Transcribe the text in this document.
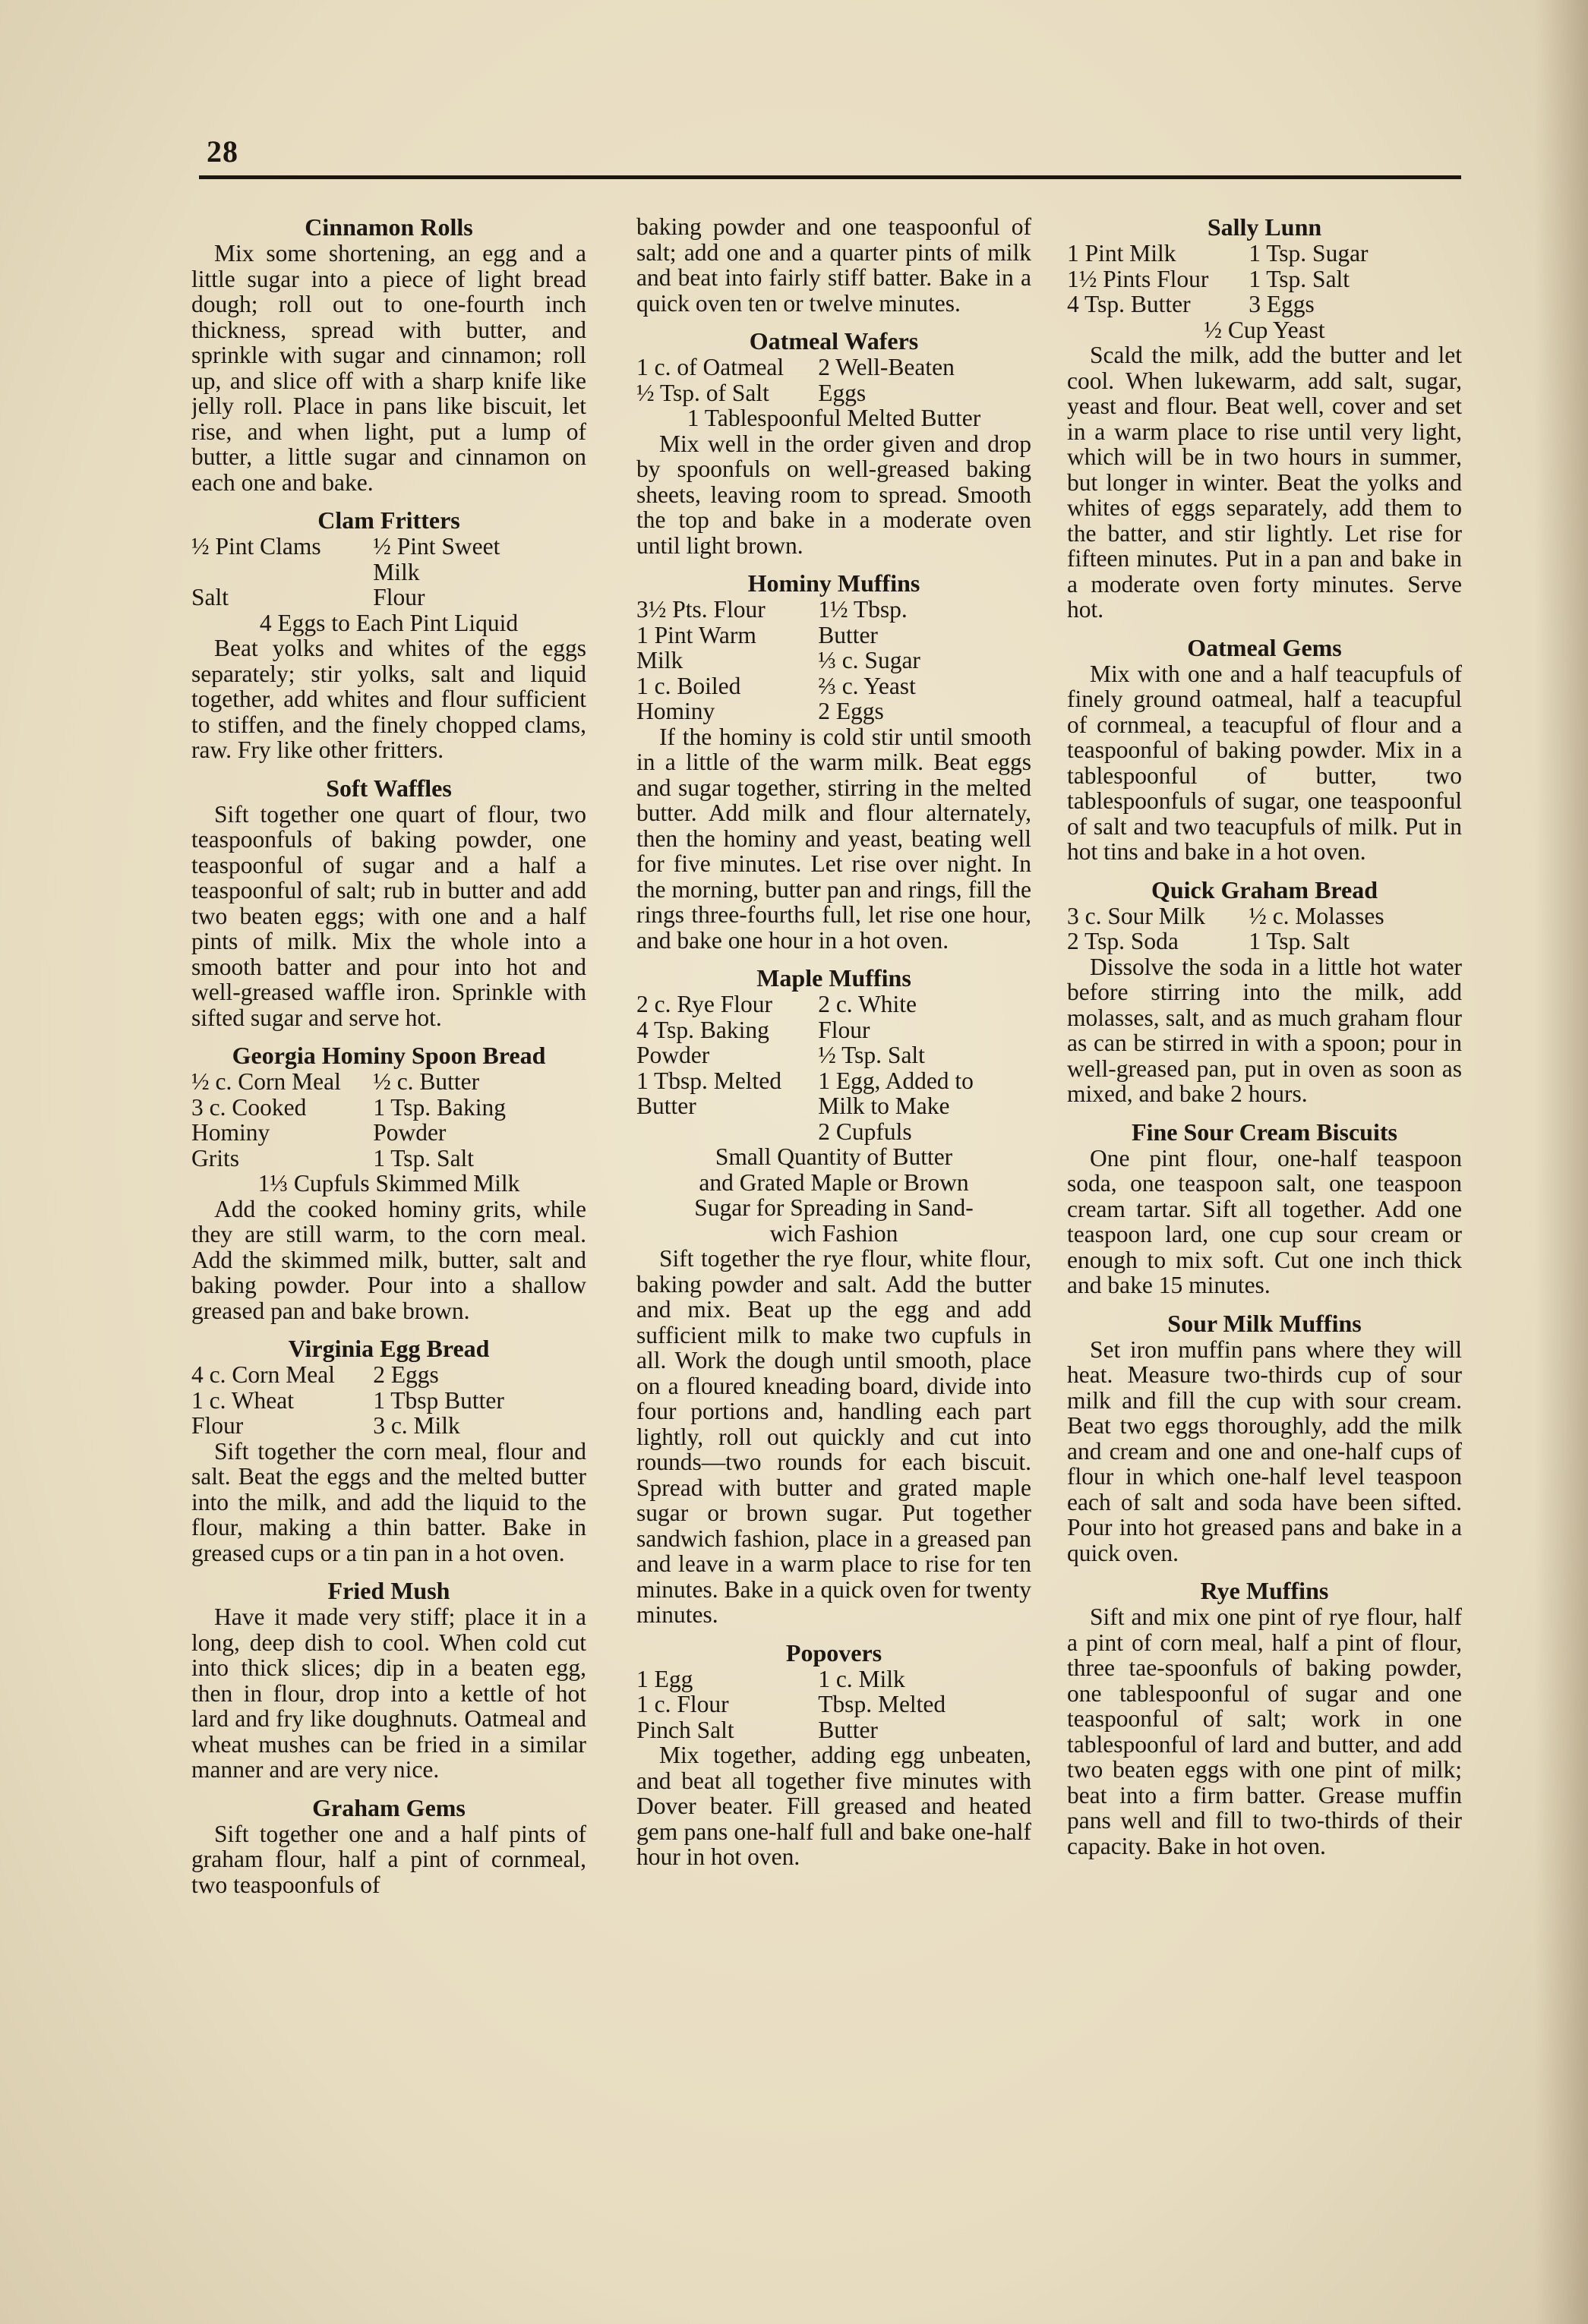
28
Cinnamon Rolls

Mix some shortening, an egg and a little sugar into a piece of light bread dough; roll out to one-fourth inch thickness, spread with butter, and sprinkle with sugar and cinnamon; roll up, and slice off with a sharp knife like jelly roll. Place in pans like biscuit, let rise, and when light, put a lump of butter, a little sugar and cinnamon on each one and bake.

Clam Fritters
½ Pint Clams	½ Pint Sweet
Milk
Salt	Flour
4 Eggs to Each Pint Liquid

Beat yolks and whites of the eggs separately; stir yolks, salt and liquid together, add whites and flour sufficient to stiffen, and the finely chopped clams, raw. Fry like other fritters.

Soft Waffles

Sift together one quart of flour, two teaspoonfuls of baking powder, one teaspoonful of sugar and a half a teaspoonful of salt; rub in butter and add two beaten eggs; with one and a half pints of milk. Mix the whole into a smooth batter and pour into hot and well-greased waffle iron. Sprinkle with sifted sugar and serve hot.

Georgia Hominy Spoon Bread
½ c. Corn Meal	½ c. Butter
3 c. Cooked	1 Tsp. Baking
Hominy	Powder
Grits	1 Tsp. Salt
1⅓ Cupfuls Skimmed Milk

Add the cooked hominy grits, while they are still warm, to the corn meal. Add the skimmed milk, butter, salt and baking powder. Pour into a shallow greased pan and bake brown.

Virginia Egg Bread
4 c. Corn Meal	2 Eggs
1 c. Wheat	1 Tbsp Butter
Flour	3 c. Milk

Sift together the corn meal, flour and salt. Beat the eggs and the melted butter into the milk, and add the liquid to the flour, making a thin batter. Bake in greased cups or a tin pan in a hot oven.

Fried Mush

Have it made very stiff; place it in a long, deep dish to cool. When cold cut into thick slices; dip in a beaten egg, then in flour, drop into a kettle of hot lard and fry like doughnuts. Oatmeal and wheat mushes can be fried in a similar manner and are very nice.

Graham Gems

Sift together one and a half pints of graham flour, half a pint of cornmeal, two teaspoonfuls of

baking powder and one teaspoonful of salt; add one and a quarter pints of milk and beat into fairly stiff batter. Bake in a quick oven ten or twelve minutes.

Oatmeal Wafers
1 c. of Oatmeal	2 Well-Beaten
½ Tsp. of Salt	Eggs
1 Tablespoonful Melted Butter

Mix well in the order given and drop by spoonfuls on well-greased baking sheets, leaving room to spread. Smooth the top and bake in a moderate oven until light brown.

Hominy Muffins
3½ Pts. Flour	1½ Tbsp.
1 Pint Warm	Butter
Milk	⅓ c. Sugar
1 c. Boiled	⅔ c. Yeast
Hominy	2 Eggs

If the hominy is cold stir until smooth in a little of the warm milk. Beat eggs and sugar together, stirring in the melted butter. Add milk and flour alternately, then the hominy and yeast, beating well for five minutes. Let rise over night. In the morning, butter pan and rings, fill the rings three-fourths full, let rise one hour, and bake one hour in a hot oven.

Maple Muffins
2 c. Rye Flour	2 c. White
4 Tsp. Baking	Flour
Powder	½ Tsp. Salt
1 Tbsp. Melted	1 Egg, Added to
Butter	Milk to Make
2 Cupfuls
Small Quantity of Butter
and Grated Maple or Brown
Sugar for Spreading in Sand-
wich Fashion

Sift together the rye flour, white flour, baking powder and salt. Add the butter and mix. Beat up the egg and add sufficient milk to make two cupfuls in all. Work the dough until smooth, place on a floured kneading board, divide into four portions and, handling each part lightly, roll out quickly and cut into rounds—two rounds for each biscuit. Spread with butter and grated maple sugar or brown sugar. Put together sandwich fashion, place in a greased pan and leave in a warm place to rise for ten minutes. Bake in a quick oven for twenty minutes.

Popovers
1 Egg	1 c. Milk
1 c. Flour	Tbsp. Melted
Pinch Salt	Butter

Mix together, adding egg unbeaten, and beat all together five minutes with Dover beater. Fill greased and heated gem pans one-half full and bake one-half hour in hot oven.

Sally Lunn
1 Pint Milk	1 Tsp. Sugar
1½ Pints Flour	1 Tsp. Salt
4 Tsp. Butter	3 Eggs
½ Cup Yeast

Scald the milk, add the butter and let cool. When lukewarm, add salt, sugar, yeast and flour. Beat well, cover and set in a warm place to rise until very light, which will be in two hours in summer, but longer in winter. Beat the yolks and whites of eggs separately, add them to the batter, and stir lightly. Let rise for fifteen minutes. Put in a pan and bake in a moderate oven forty minutes. Serve hot.

Oatmeal Gems

Mix with one and a half teacupfuls of finely ground oatmeal, half a teacupful of cornmeal, a teacupful of flour and a teaspoonful of baking powder. Mix in a tablespoonful of butter, two tablespoonfuls of sugar, one teaspoonful of salt and two teacupfuls of milk. Put in hot tins and bake in a hot oven.

Quick Graham Bread
3 c. Sour Milk	½ c. Molasses
2 Tsp. Soda	1 Tsp. Salt

Dissolve the soda in a little hot water before stirring into the milk, add molasses, salt, and as much graham flour as can be stirred in with a spoon; pour in well-greased pan, put in oven as soon as mixed, and bake 2 hours.

Fine Sour Cream Biscuits

One pint flour, one-half teaspoon soda, one teaspoon salt, one teaspoon cream tartar. Sift all together. Add one teaspoon lard, one cup sour cream or enough to mix soft. Cut one inch thick and bake 15 minutes.

Sour Milk Muffins

Set iron muffin pans where they will heat. Measure two-thirds cup of sour milk and fill the cup with sour cream. Beat two eggs thoroughly, add the milk and cream and one and one-half cups of flour in which one-half level teaspoon each of salt and soda have been sifted. Pour into hot greased pans and bake in a quick oven.

Rye Muffins

Sift and mix one pint of rye flour, half a pint of corn meal, half a pint of flour, three tae-spoonfuls of baking powder, one tablespoonful of sugar and one teaspoonful of salt; work in one tablespoonful of lard and butter, and add two beaten eggs with one pint of milk; beat into a firm batter. Grease muffin pans well and fill to two-thirds of their capacity. Bake in hot oven.
